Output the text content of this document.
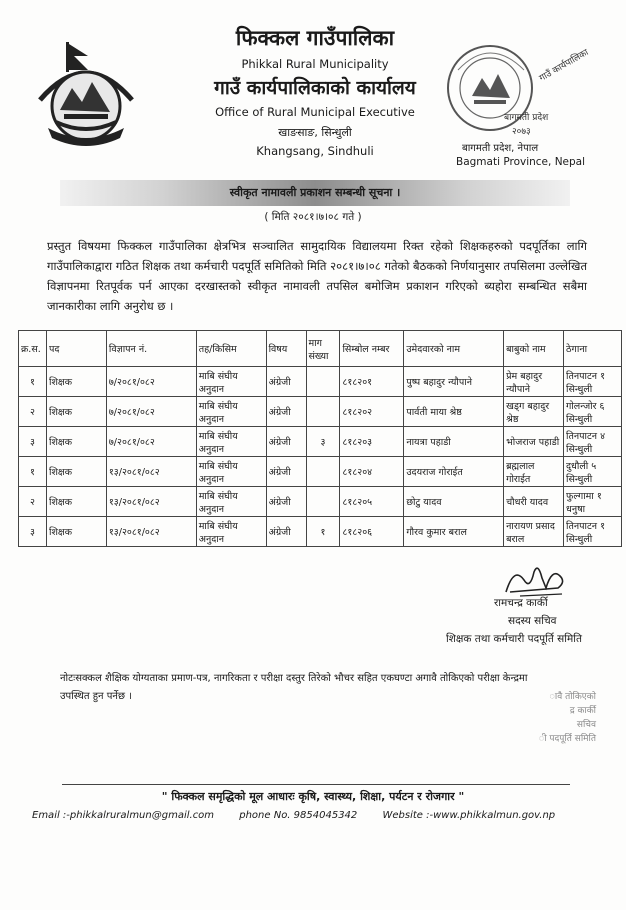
गाउँ कार्यपालिका
बागमती प्रदेश
२०७३
फिक्कल गाउँपालिका
Phikkal Rural Municipality
गाउँ कार्यपालिकाको कार्यालय
Office of Rural Municipal Executive
खाङसाङ, सिन्धुली
Khangsang, Sindhuli	बागमती प्रदेश, नेपाल
Bagmati Province, Nepal
स्वीकृत नामावली प्रकाशन सम्बन्धी सूचना ।
( मिति २०८१।७।०८ गते )
प्रस्तुत विषयमा फिक्कल गाउँपालिका क्षेत्रभित्र सञ्चालित सामुदायिक विद्यालयमा रिक्त रहेको शिक्षकहरुको पदपूर्तिका लागि गाउँपालिकाद्वारा गठित शिक्षक तथा कर्मचारी पदपूर्ति समितिको मिति २०८१।७।०८ गतेको बैठकको निर्णयानुसार तपसिलमा उल्लेखित विज्ञापनमा रितपूर्वक पर्न आएका दरखास्तको स्वीकृत नामावली तपसिल बमोजिम प्रकाशन गरिएको ब्यहोरा सम्बन्धित सबैमा जानकारीका लागि अनुरोध छ ।
क्र.स.	पद	विज्ञापन नं.	तह/किसिम	विषय	माग संख्या	सिम्बोल नम्बर	उमेदवारको नाम	बाबुको नाम	ठेगाना
१	शिक्षक	७/२०८१/०८२	माबि संघीय अनुदान	अंग्रेजी		८१८२०१	पुष्प बहादुर न्यौपाने	प्रेम बहादुर न्यौपाने	तिनपाटन १ सिन्धुली
२	शिक्षक	७/२०८१/०८२	माबि संघीय अनुदान	अंग्रेजी		८१८२०२	पार्वती माया श्रेष्ठ	खड्ग बहादुर श्रेष्ठ	गोलन्जोर ६ सिन्धुली
३	शिक्षक	७/२०८१/०८२	माबि संघीय अनुदान	अंग्रेजी	३	८१८२०३	नायत्रा पहाडी	भोजराज पहाडी	तिनपाटन ४ सिन्धुली
१	शिक्षक	१३/२०८१/०८२	माबि संघीय अनुदान	अंग्रेजी		८१८२०४	उदयराज गोराईत	ब्रह्मलाल गोराईत	दुधौली ५ सिन्धुली
२	शिक्षक	१३/२०८१/०८२	माबि संघीय अनुदान	अंग्रेजी		८१८२०५	छोटु यादव	चौधरी यादव	फुल्गामा १ धनुषा
३	शिक्षक	१३/२०८१/०८२	माबि संघीय अनुदान	अंग्रेजी	१	८१८२०६	गौरव कुमार बराल	नारायण प्रसाद बराल	तिनपाटन १ सिन्धुली
रामचन्द्र कार्की
सदस्य सचिव
शिक्षक तथा कर्मचारी पदपूर्ति समिति
नोटःसक्कल शैक्षिक योग्यताका प्रमाण-पत्र, नागरिकता र परीक्षा दस्तुर तिरेको भौचर सहित एकघण्टा अगावै तोकिएको परीक्षा केन्द्रमा उपस्थित हुन पर्नेछ ।	ावै तोकिएको
द्र कार्की
सचिव
ी पदपूर्ति समिति
" फिक्कल समृद्धिको मूल आधारः कृषि, स्वास्थ्य, शिक्षा, पर्यटन र रोजगार "
Email :-phikkalruralmun@gmail.com	phone No. 9854045342	Website :-www.phikkalmun.gov.np
